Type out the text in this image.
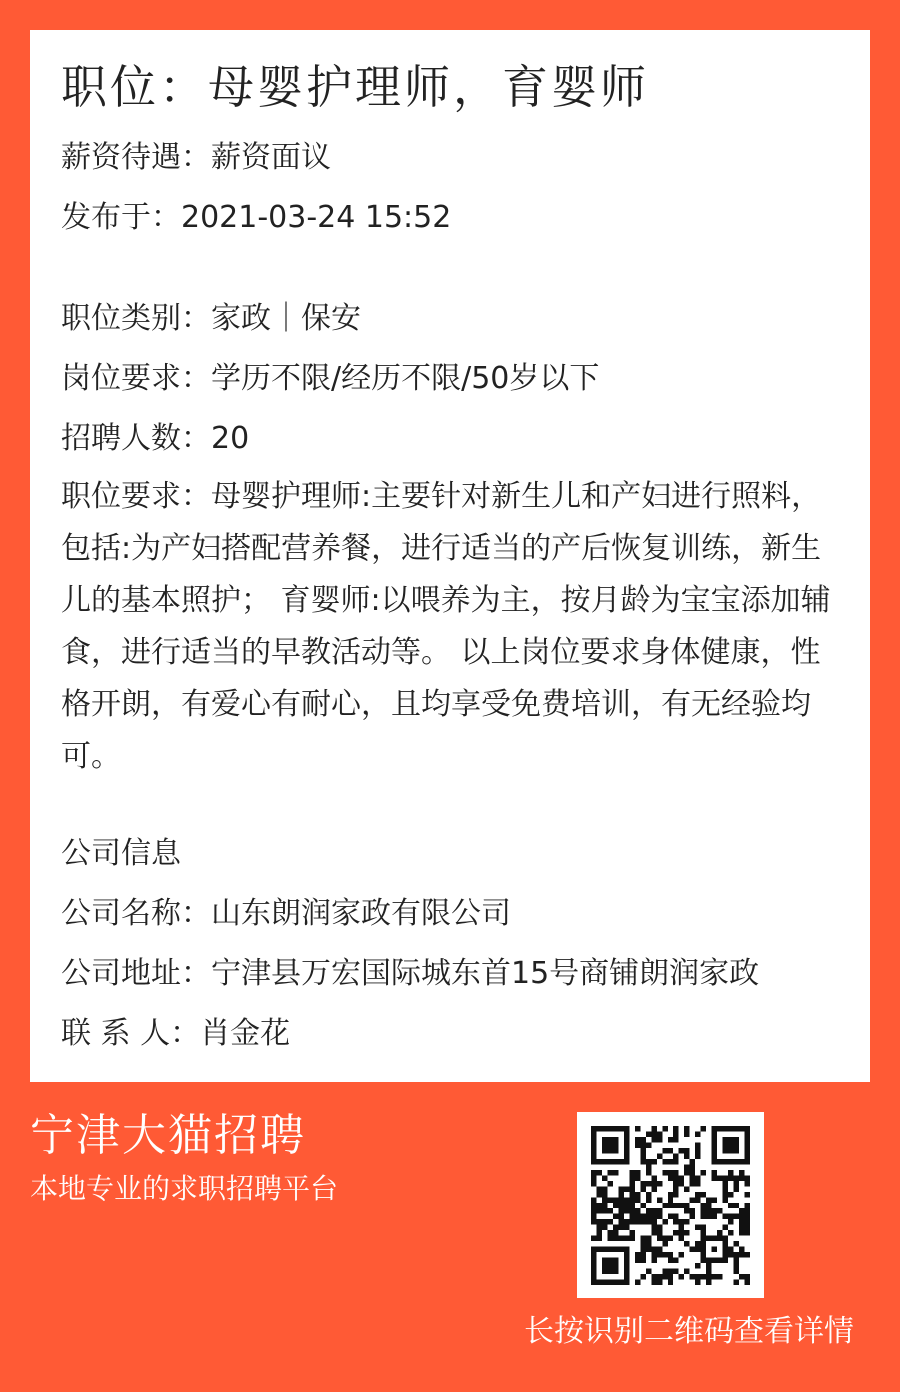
职位：母婴护理师，育婴师
薪资待遇：薪资面议
发布于：2021-03-24 15:52
职位类别：家政｜保安
岗位要求：学历不限/经历不限/50岁以下
招聘人数：20
职位要求：母婴护理师:主要针对新生儿和产妇进行照料，包括:为产妇搭配营养餐，进行适当的产后恢复训练，新生儿的基本照护； 育婴师:以喂养为主，按月龄为宝宝添加辅食，进行适当的早教活动等。 以上岗位要求身体健康，性格开朗，有爱心有耐心，且均享受免费培训，有无经验均可。
公司信息
公司名称：山东朗润家政有限公司
公司地址：宁津县万宏国际城东首15号商铺朗润家政
联 系 人：肖金花
宁津大猫招聘
本地专业的求职招聘平台
长按识别二维码查看详情
